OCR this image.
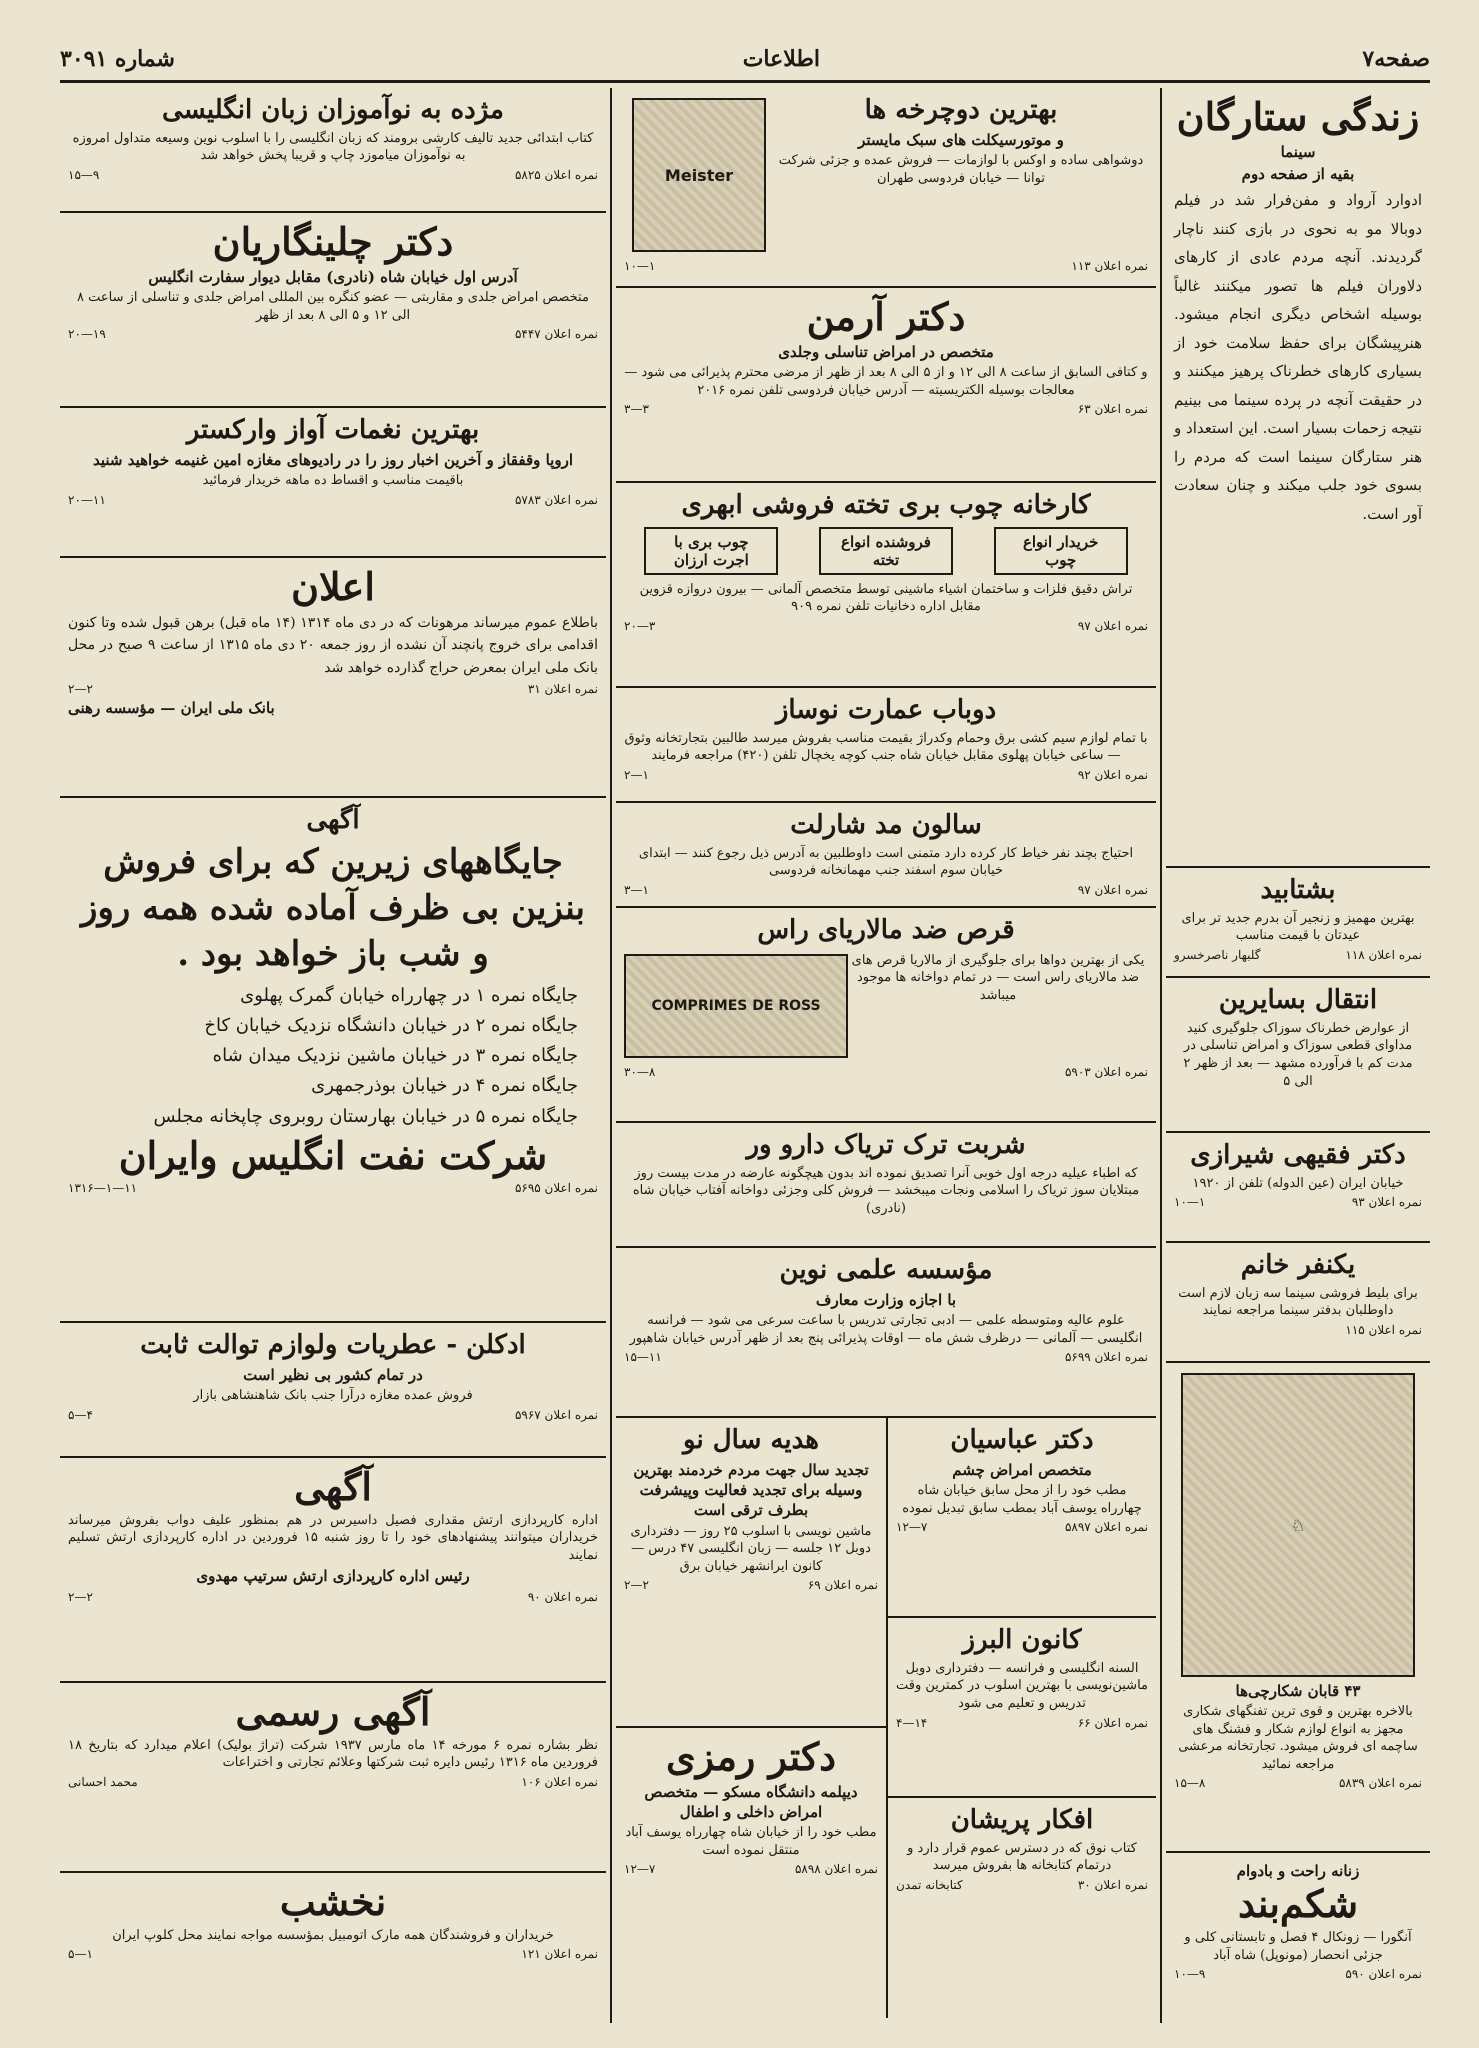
صفحه۷
اطلاعات
شماره ۳۰۹۱
زندگی ستارگان

سینما

بقیه از صفحه دوم

ادوارد آرواد و مفن‌فرار شد در فیلم دوبالا مو به نحوی در بازی کنند ناچار گردیدند. آنچه مردم عادی از کارهای دلاوران فیلم ها تصور میکنند غالباً بوسیله اشخاص دیگری انجام میشود. هنرپیشگان برای حفظ سلامت خود از بسیاری کارهای خطرناک پرهیز میکنند و در حقیقت آنچه در پرده سینما می بینیم نتیجه زحمات بسیار است. این استعداد و هنر ستارگان سینما است که مردم را بسوی خود جلب میکند و چنان سعادت آور است.

بشتابید

بهترین مهمیز و زنجیر آن بدرم جدید تر برای عیدتان با قیمت مناسب

نمره اعلان ۱۱۸
گلبهار ناصرخسرو
انتقال بسایرین

از عوارض خطرناک سوزاک جلوگیری کنید مداوای قطعی سوزاک و امراض تناسلی در مدت کم با فرآورده مشهد — بعد از ظهر ۲ الی ۵

دکتر فقیهی شیرازی

خیابان ایران (عین الدوله) تلفن از ۱۹۲۰

نمره اعلان ۹۳
۱—۱۰
یکنفر خانم

برای بلیط فروشی سینما سه زبان لازم است داوطلبان بدفتر سینما مراجعه نمایند

نمره اعلان ۱۱۵
♘

۴۳ قابان شکارچی‌ها

بالاخره بهترین و قوی ترین تفنگهای شکاری مجهز به انواع لوازم شکار و فشنگ های ساچمه ای فروش میشود. تجارتخانه مرعشی مراجعه نمائید

نمره اعلان ۵۸۳۹
۸—۱۵

زنانه راحت و بادوام

شکم‌بند

آنگورا — زونکال ۴ فصل و تابستانی کلی و جزئی انحصار (مونوپل) شاه آباد

نمره اعلان ۵۹۰
۹—۱۰
بهترین دوچرخه ها

و موتورسیکلت های سبک مایستر

دوشواهی ساده و اوکس با لوازمات — فروش عمده و جزئی شرکت توانا — خیابان فردوسی طهران

Meister
نمره اعلان ۱۱۳
۱—۱۰
دکتر آرمن

متخصص در امراض تناسلی وجلدی

و کتافی السابق از ساعت ۸ الی ۱۲ و از ۵ الی ۸ بعد از ظهر از مرضی محترم پذیرائی می شود — معالجات بوسیله الکتریسیته — آدرس خیابان فردوسی تلفن نمره ۲۰۱۶

نمره اعلان ۶۳
۳—۳
کارخانه چوب بری تخته فروشی ابهری
خریدار انواع چوب
فروشنده انواع تخته
چوب بری با اجرت ارزان

تراش دقیق فلزات و ساختمان اشیاء ماشینی توسط متخصص آلمانی — بیرون دروازه قزوین مقابل اداره دخانیات تلفن نمره ۹۰۹

نمره اعلان ۹۷
۳—۲۰
دوباب عمارت نوساز

با تمام لوازم سیم کشی برق وحمام وکدراژ بقیمت مناسب بفروش میرسد طالبین بتجارتخانه وثوق — ساعی خیابان پهلوی مقابل خیابان شاه جنب کوچه یخچال تلفن (۴۲۰) مراجعه فرمایند

نمره اعلان ۹۲
۱—۲
سالون مد شارلت

احتیاج بچند نفر خیاط کار کرده دارد متمنی است داوطلبین به آدرس ذیل رجوع کنند — ابتدای خیابان سوم اسفند جنب مهمانخانه فردوسی

نمره اعلان ۹۷
۱—۳
قرص ضد مالاریای راس

یکی از بهترین دواها برای جلوگیری از مالاریا قرص های ضد مالاریای راس است — در تمام دواخانه ها موجود میباشد

COMPRIMES DE ROSS
نمره اعلان ۵۹۰۳
۸—۳۰
شربت ترک تریاک دارو ور

که اطباء عیلیه درجه اول خوبی آنرا تصدیق نموده اند بدون هیچگونه عارضه در مدت بیست روز مبتلایان سوز تریاک را اسلامی ونجات میبخشد — فروش کلی وجزئی دواخانه آفتاب خیابان شاه (نادری)

مؤسسه علمی نوین

با اجازه وزارت معارف

علوم عالیه ومتوسطه علمی — ادبی تجارتی تدریس با ساعت سرعی می شود — فرانسه انگلیسی — آلمانی — درظرف شش ماه — اوقات پذیرائی پنج بعد از ظهر آدرس خیابان شاهپور

نمره اعلان ۵۶۹۹
۱۱—۱۵
دکتر عباسیان

متخصص امراض چشم

مطب خود را از محل سابق خیابان شاه چهارراه یوسف آباد بمطب سابق تبدیل نموده

نمره اعلان ۵۸۹۷
۷—۱۲
کانون البرز

السنه انگلیسی و فرانسه — دفترداری دوبل ماشین‌نویسی با بهترین اسلوب در کمترین وقت تدریس و تعلیم می شود

نمره اعلان ۶۶
۱۴—۴
افکار پریشان

کتاب نوق که در دسترس عموم قرار دارد و درتمام کتابخانه ها بفروش میرسد

نمره اعلان ۳۰
کتابخانه تمدن
هدیه سال نو

تجدید سال جهت مردم خردمند بهترین وسیله برای تجدید فعالیت وپیشرفت بطرف ترقی است

ماشین نویسی با اسلوب ۲۵ روز — دفترداری دوبل ۱۲ جلسه — زبان انگلیسی ۴۷ درس — کانون ایرانشهر خیابان برق

نمره اعلان ۶۹
۲—۲
دکتر رمزی

دیپلمه دانشگاه مسکو — متخصص امراض داخلی و اطفال

مطب خود را از خیابان شاه چهارراه یوسف آباد منتقل نموده است

نمره اعلان ۵۸۹۸
۷—۱۲
مژده به نوآموزان زبان انگلیسی

کتاب ابتدائی جدید تالیف کارشی برومند که زبان انگلیسی را با اسلوب نوین وسیعه متداول امروزه به نوآموزان میاموزد چاپ و قریبا پخش خواهد شد

نمره اعلان ۵۸۲۵
۹—۱۵
دکتر چلینگاریان

آدرس اول خیابان شاه (نادری) مقابل دیوار سفارت انگلیس

متخصص امراض جلدی و مقاربتی — عضو کنگره بین المللی امراض جلدی و تناسلی از ساعت ۸ الی ۱۲ و ۵ الی ۸ بعد از ظهر

نمره اعلان ۵۴۴۷
۱۹—۲۰
بهترین نغمات آواز وارکستر

اروپا وقفقاز و آخرین اخبار روز را در رادیوهای مغازه امین غنیمه خواهید شنید

باقیمت مناسب و اقساط ده ماهه خریدار فرمائید

نمره اعلان ۵۷۸۳
۱۱—۲۰
اعلان

باطلاع عموم میرساند مرهونات که در دی ماه ۱۳۱۴ (۱۴ ماه قبل) برهن قبول شده وتا کنون اقدامی برای خروج پانچند آن نشده از روز جمعه ۲۰ دی ماه ۱۳۱۵ از ساعت ۹ صبح در محل بانک ملی ایران بمعرض حراج گذارده خواهد شد

نمره اعلان ۳۱
۲—۲

بانک ملی ایران — مؤسسه رهنی

آگهی
جایگاههای زیرین که برای فروش بنزین بی ظرف آماده شده همه روز و شب باز خواهد بود .

جایگاه نمره ۱ در چهارراه خیابان گمرک پهلوی

جایگاه نمره ۲ در خیابان دانشگاه نزدیک خیابان کاخ

جایگاه نمره ۳ در خیابان ماشین نزدیک میدان شاه

جایگاه نمره ۴ در خیابان بوذرجمهری

جایگاه نمره ۵ در خیابان بهارستان روبروی چاپخانه مجلس

شرکت نفت انگلیس وایران
نمره اعلان ۵۶۹۵
۱۱—۱—۱۳۱۶
ادکلن - عطریات ولوازم توالت ثابت

در تمام کشور بی نظیر است

فروش عمده مغازه درآرا جنب بانک شاهنشاهی بازار

نمره اعلان ۵۹۶۷
۴—۵
آگهی

اداره کارپردازی ارتش مقداری فصیل داسیرس در هم بمنظور علیف دواب بفروش میرساند خریداران میتوانند پیشنهادهای خود را تا روز شنبه ۱۵ فروردین در اداره کارپردازی ارتش تسلیم نمایند

رئیس اداره کارپردازی ارتش سرتیپ مهدوی

نمره اعلان ۹۰
۲—۲
آگهی رسمی

نظر بشاره نمره ۶ مورخه ۱۴ ماه مارس ۱۹۳۷ شرکت (تراژ بولیک) اعلام میدارد که بتاریخ ۱۸ فروردین ماه ۱۳۱۶ رئیس دایره ثبت شرکتها وعلائم تجارتی و اختراعات

نمره اعلان ۱۰۶
محمد احسانی
نخشب

خریداران و فروشندگان همه مارک اتومبیل بمؤسسه مواجه نمایند محل کلوپ ایران

نمره اعلان ۱۲۱
۱—۵
